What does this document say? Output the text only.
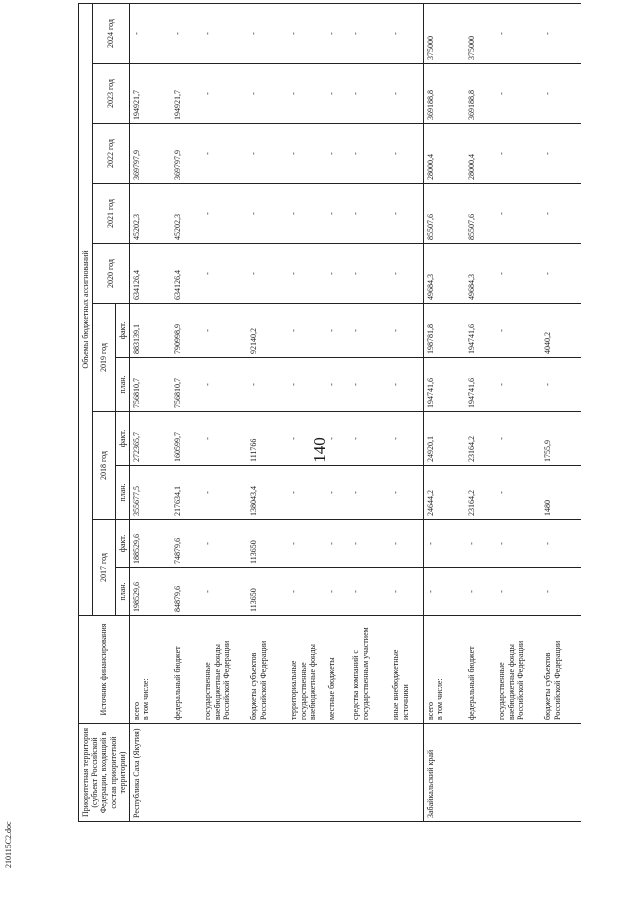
140
Приоритетная территория (субъект Российской Федерации, входящий в состав приоритетной территории)	Источник финансирования	Объемы бюджетных ассигнований										
		2017 год		2018 год		2019 год		2020 год	2021 год	2022 год	2023 год	2024 год
		план.	факт.	план.	факт.	план.	факт.					
Республика Саха (Якутия)	всего в том числе:	198529,6	188529,6	355677,5	272365,7	756810,7	883139,1	634126,4	45202,3	369797,9	194921,7	-

	федеральный бюджет	84879,6	74879,6	217634,1	160599,7	756810,7	790998,9	634126,4	45202,3	369797,9	194921,7	-

	государственные внебюджетные фонды Российской Федерации	-	-	-	-	-	-	-	-	-	-	-

	бюджеты субъектов Российской Федерации	113650	113650	138043,4	111766	-	92140,2	-	-	-	-	-

	территориальные государственные внебюджетные фонды	-	-	-	-	-	-	-	-	-	-	-

	местные бюджеты	-	-	-	-	-	-	-	-	-	-	-

	средства компаний с государственным участием	-	-	-	-	-	-	-	-	-	-	-

	иные внебюджетные источники	-	-	-	-	-	-	-	-	-	-	-
Забайкальский край	всего в том числе:	-	-	24644,2	24920,1	194741,6	198781,8	49684,3	85507,6	28000,4	369188,8	375000

	федеральный бюджет	-	-	23164,2	23164,2	194741,6	194741,6	49684,3	85507,6	28000,4	369188,8	375000

	государственные внебюджетные фонды Российской Федерации	-	-	-	-	-	-	-	-	-	-	-

	бюджеты субъектов Российской Федерации	-	-	1480	1755,9	-	4040,2	-	-	-	-	-
210115С2.doc
